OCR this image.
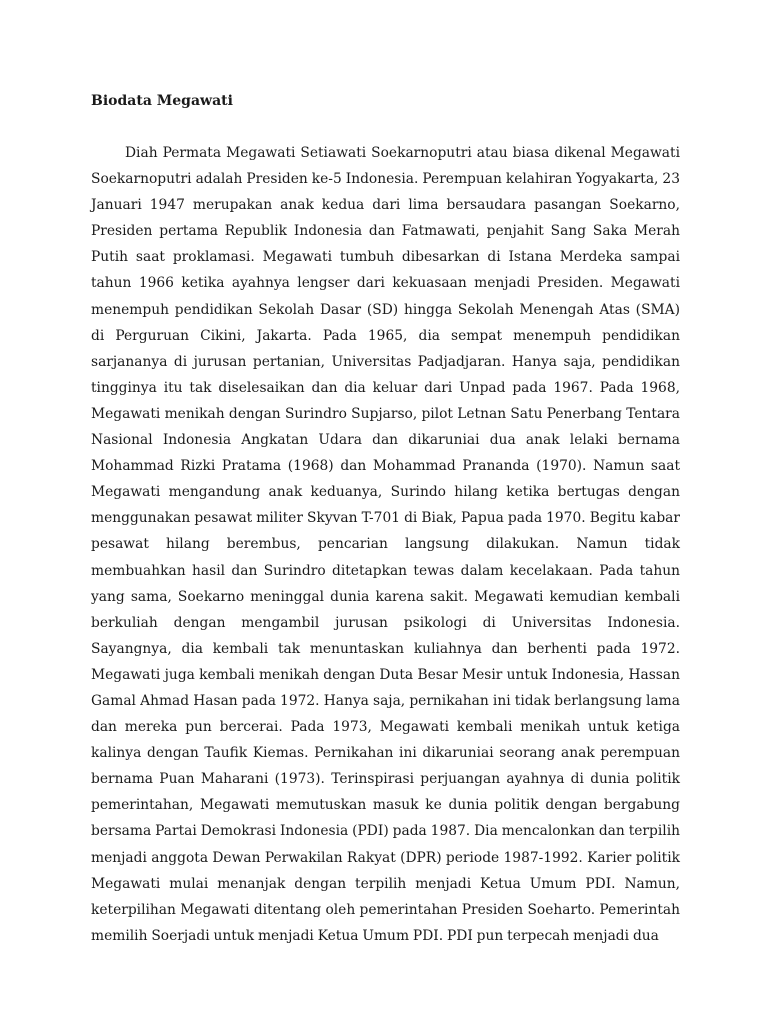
Biodata Megawati

Diah Permata Megawati Setiawati Soekarnoputri atau biasa dikenal Megawati Soekarnoputri adalah Presiden ke-5 Indonesia. Perempuan kelahiran Yogyakarta, 23 Januari 1947 merupakan anak kedua dari lima bersaudara pasangan Soekarno, Presiden pertama Republik Indonesia dan Fatmawati, penjahit Sang Saka Merah Putih saat proklamasi. Megawati tumbuh dibesarkan di Istana Merdeka sampai tahun 1966 ketika ayahnya lengser dari kekuasaan menjadi Presiden. Megawati menempuh pendidikan Sekolah Dasar (SD) hingga Sekolah Menengah Atas (SMA) di Perguruan Cikini, Jakarta. Pada 1965, dia sempat menempuh pendidikan sarjananya di jurusan pertanian, Universitas Padjadjaran. Hanya saja, pendidikan tingginya itu tak diselesaikan dan dia keluar dari Unpad pada 1967. Pada 1968, Megawati menikah dengan Surindro Supjarso, pilot Letnan Satu Penerbang Tentara Nasional Indonesia Angkatan Udara dan dikaruniai dua anak lelaki bernama Mohammad Rizki Pratama (1968) dan Mohammad Prananda (1970). Namun saat Megawati mengandung anak keduanya, Surindo hilang ketika bertugas dengan menggunakan pesawat militer Skyvan T-701 di Biak, Papua pada 1970. Begitu kabar pesawat hilang berembus, pencarian langsung dilakukan. Namun tidak membuahkan hasil dan Surindro ditetapkan tewas dalam kecelakaan. Pada tahun yang sama, Soekarno meninggal dunia karena sakit. Megawati kemudian kembali berkuliah dengan mengambil jurusan psikologi di Universitas Indonesia. Sayangnya, dia kembali tak menuntaskan kuliahnya dan berhenti pada 1972. Megawati juga kembali menikah dengan Duta Besar Mesir untuk Indonesia, Hassan Gamal Ahmad Hasan pada 1972. Hanya saja, pernikahan ini tidak berlangsung lama dan mereka pun bercerai. Pada 1973, Megawati kembali menikah untuk ketiga kalinya dengan Taufik Kiemas. Pernikahan ini dikaruniai seorang anak perempuan bernama Puan Maharani (1973). Terinspirasi perjuangan ayahnya di dunia politik pemerintahan, Megawati memutuskan masuk ke dunia politik dengan bergabung bersama Partai Demokrasi Indonesia (PDI) pada 1987. Dia mencalonkan dan terpilih menjadi anggota Dewan Perwakilan Rakyat (DPR) periode 1987-1992. Karier politik Megawati mulai menanjak dengan terpilih menjadi Ketua Umum PDI. Namun, keterpilihan Megawati ditentang oleh pemerintahan Presiden Soeharto. Pemerintah memilih Soerjadi untuk menjadi Ketua Umum PDI. PDI pun terpecah menjadi dua
